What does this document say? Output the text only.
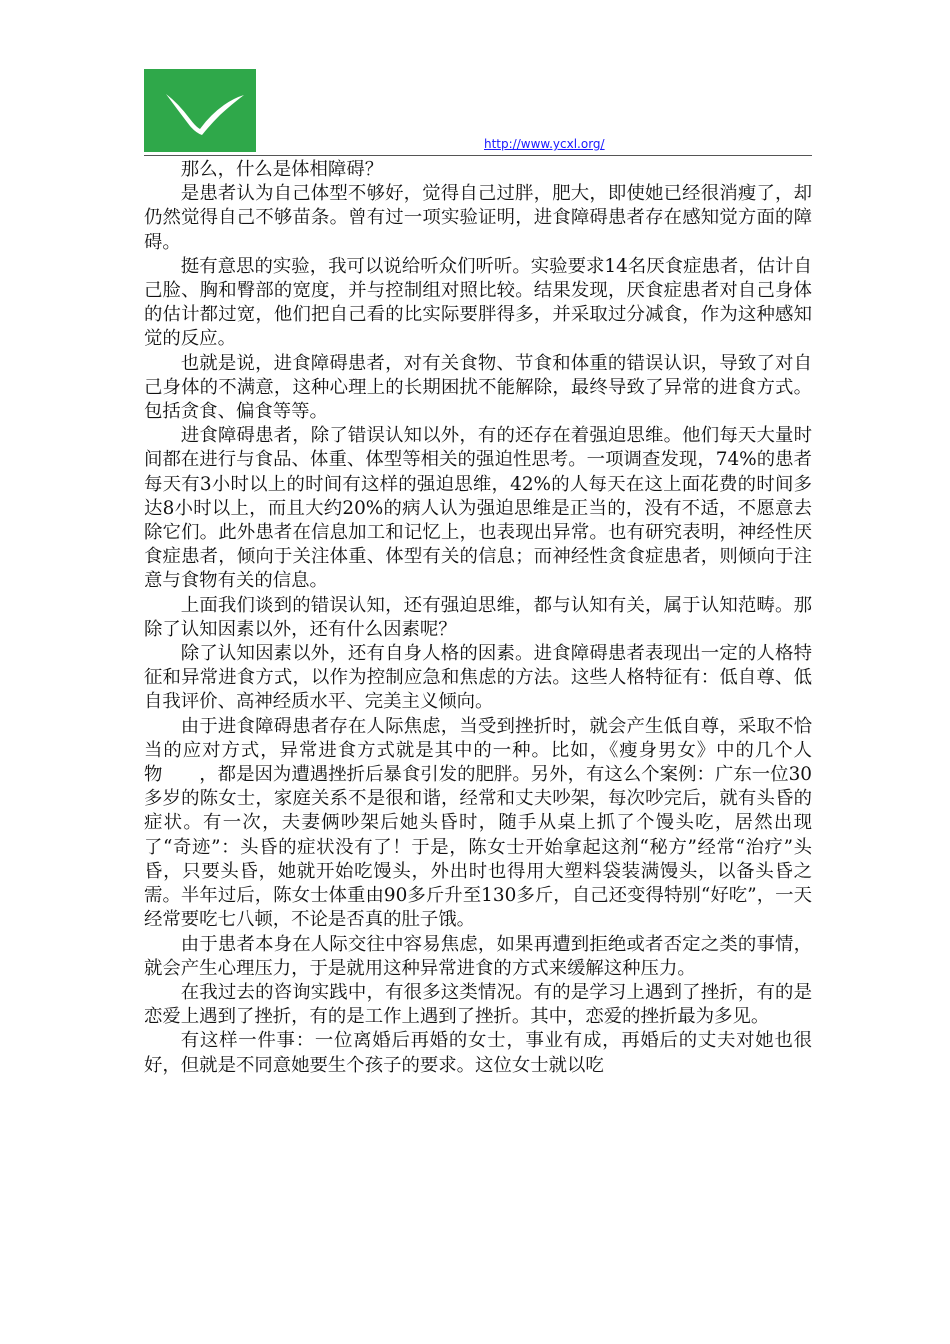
http://www.ycxl.org/

那么，什么是体相障碍？

是患者认为自己体型不够好，觉得自己过胖，肥大，即使她已经很消瘦了，却仍然觉得自己不够苗条。曾有过一项实验证明，进食障碍患者存在感知觉方面的障碍。

挺有意思的实验，我可以说给听众们听听。实验要求14名厌食症患者，估计自己脸、胸和臀部的宽度，并与控制组对照比较。结果发现，厌食症患者对自己身体的估计都过宽，他们把自己看的比实际要胖得多，并采取过分减食，作为这种感知觉的反应。

也就是说，进食障碍患者，对有关食物、节食和体重的错误认识，导致了对自己身体的不满意，这种心理上的长期困扰不能解除，最终导致了异常的进食方式。包括贪食、偏食等等。

进食障碍患者，除了错误认知以外，有的还存在着强迫思维。他们每天大量时间都在进行与食品、体重、体型等相关的强迫性思考。一项调查发现，74%的患者每天有3小时以上的时间有这样的强迫思维，42%的人每天在这上面花费的时间多达8小时以上，而且大约20%的病人认为强迫思维是正当的，没有不适，不愿意去除它们。此外患者在信息加工和记忆上，也表现出异常。也有研究表明，神经性厌食症患者，倾向于关注体重、体型有关的信息；而神经性贪食症患者，则倾向于注意与食物有关的信息。

上面我们谈到的错误认知，还有强迫思维，都与认知有关，属于认知范畴。那除了认知因素以外，还有什么因素呢？

除了认知因素以外，还有自身人格的因素。进食障碍患者表现出一定的人格特征和异常进食方式，以作为控制应急和焦虑的方法。这些人格特征有：低自尊、低自我评价、高神经质水平、完美主义倾向。

由于进食障碍患者存在人际焦虑，当受到挫折时，就会产生低自尊，采取不恰当的应对方式，异常进食方式就是其中的一种。比如，《瘦身男女》中的几个人物　　，都是因为遭遇挫折后暴食引发的肥胖。另外，有这么个案例：广东一位30多岁的陈女士，家庭关系不是很和谐，经常和丈夫吵架，每次吵完后，就有头昏的症状。有一次，夫妻俩吵架后她头昏时，随手从桌上抓了个馒头吃，居然出现了“奇迹”：头昏的症状没有了！于是，陈女士开始拿起这剂“秘方”经常“治疗”头昏，只要头昏，她就开始吃馒头，外出时也得用大塑料袋装满馒头，以备头昏之需。半年过后，陈女士体重由90多斤升至130多斤，自己还变得特别“好吃”，一天经常要吃七八顿，不论是否真的肚子饿。

由于患者本身在人际交往中容易焦虑，如果再遭到拒绝或者否定之类的事情，就会产生心理压力，于是就用这种异常进食的方式来缓解这种压力。

在我过去的咨询实践中，有很多这类情况。有的是学习上遇到了挫折，有的是恋爱上遇到了挫折，有的是工作上遇到了挫折。其中，恋爱的挫折最为多见。

有这样一件事：一位离婚后再婚的女士，事业有成，再婚后的丈夫对她也很好，但就是不同意她要生个孩子的要求。这位女士就以吃
